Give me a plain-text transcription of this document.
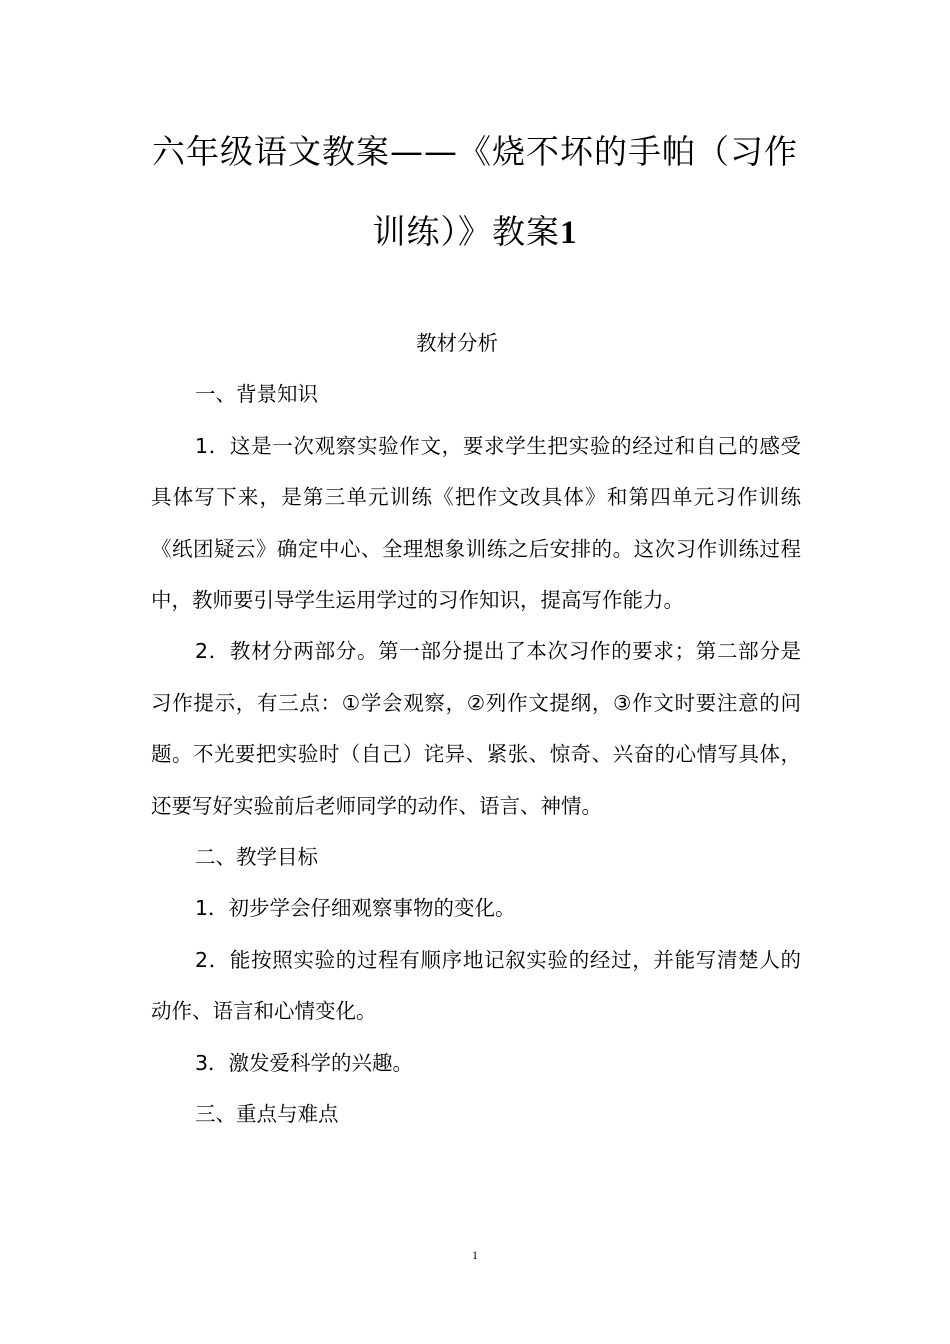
六年级语文教案——《烧不坏的手帕（习作
训练）》教案1

教材分析

一、背景知识

1．这是一次观察实验作文，要求学生把实验的经过和自己的感受具体写下来，是第三单元训练《把作文改具体》和第四单元习作训练《纸团疑云》确定中心、全理想象训练之后安排的。这次习作训练过程中，教师要引导学生运用学过的习作知识，提高写作能力。

2．教材分两部分。第一部分提出了本次习作的要求；第二部分是习作提示，有三点：①学会观察，②列作文提纲，③作文时要注意的问题。不光要把实验时（自己）诧异、紧张、惊奇、兴奋的心情写具体，还要写好实验前后老师同学的动作、语言、神情。

二、教学目标

1．初步学会仔细观察事物的变化。

2．能按照实验的过程有顺序地记叙实验的经过，并能写清楚人的动作、语言和心情变化。

3．激发爱科学的兴趣。

三、重点与难点

1
